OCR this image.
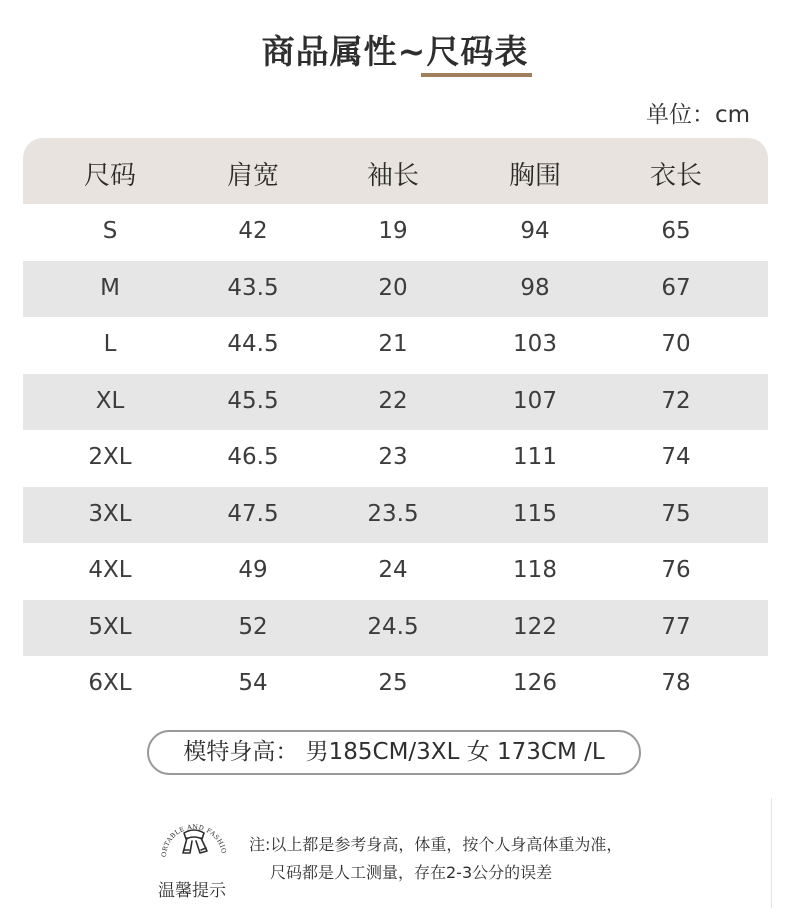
商品属性~尺码表
单位：cm
尺码	肩宽	袖长	胸围	衣长
S	42	19	94	65
M	43.5	20	98	67
L	44.5	21	103	70
XL	45.5	22	107	72
2XL	46.5	23	111	74
3XL	47.5	23.5	115	75
4XL	49	24	118	76
5XL	52	24.5	122	77
6XL	54	25	126	78
模特身高： 男185CM/3XL 女 173CM /L
ORTABLE AND FASHIO
温馨提示
注:以上都是参考身高，体重，按个人身高体重为准，
尺码都是人工测量，存在2-3公分的误差
